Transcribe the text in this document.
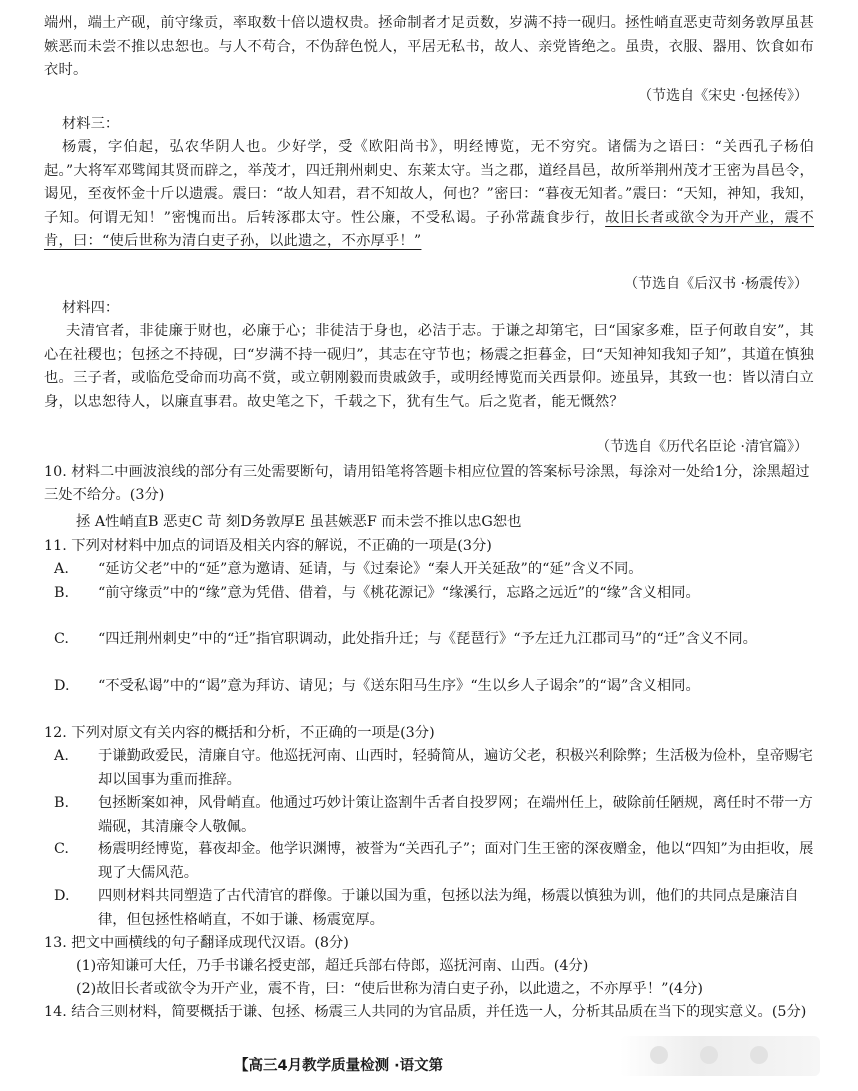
端州，端土产砚，前守缘贡，率取数十倍以遗权贵。拯命制者才足贡数，岁满不持一砚归。拯性峭直恶吏苛刻务敦厚虽甚嫉恶而未尝不推以忠恕也。与人不苟合，不伪辞色悦人，平居无私书，故人、亲党皆绝之。虽贵，衣服、器用、饮食如布衣时。
（节选自《宋史 ·包拯传》）
材料三：
杨震，字伯起，弘农华阴人也。少好学，受《欧阳尚书》，明经博览，无不穷究。诸儒为之语曰：“关西孔子杨伯起。”大将军邓骘闻其贤而辟之，举茂才，四迁荆州刺史、东莱太守。当之郡，道经昌邑，故所举荆州茂才王密为昌邑令，谒见，至夜怀金十斤以遗震。震曰：“故人知君，君不知故人，何也？”密曰：“暮夜无知者。”震曰：“天知，神知，我知，子知。何谓无知！”密愧而出。后转涿郡太守。性公廉，不受私谒。子孙常蔬食步行，故旧长者或欲令为开产业，震不肯，曰：“使后世称为清白吏子孙，以此遗之，不亦厚乎！”
（节选自《后汉书 ·杨震传》）
材料四：
夫清官者，非徒廉于财也，必廉于心；非徒洁于身也，必洁于志。于谦之却第宅，曰“国家多难，臣子何敢自安”，其心在社稷也；包拯之不持砚，曰“岁满不持一砚归”，其志在守节也；杨震之拒暮金，曰“天知神知我知子知”，其道在慎独也。三子者，或临危受命而功高不赏，或立朝刚毅而贵戚敛手，或明经博览而关西景仰。迹虽异，其致一也：皆以清白立身，以忠恕待人，以廉直事君。故史笔之下，千载之下，犹有生气。后之览者，能无慨然？
（节选自《历代名臣论 ·清官篇》）
10. 材料二中画波浪线的部分有三处需要断句，请用铅笔将答题卡相应位置的答案标号涂黑，每涂对一处给1分，涂黑超过三处不给分。(3分)
拯 A性峭直B 恶吏C 苛 刻D务敦厚E 虽甚嫉恶F 而未尝不推以忠G恕也
11. 下列对材料中加点的词语及相关内容的解说，不正确的一项是(3分)
A. “延访父老”中的“延”意为邀请、延请，与《过秦论》“秦人开关延敌”的“延”含义不同。
B. “前守缘贡”中的“缘”意为凭借、借着，与《桃花源记》“缘溪行，忘路之远近”的“缘”含义相同。
C. “四迁荆州刺史”中的“迁”指官职调动，此处指升迁；与《琵琶行》“予左迁九江郡司马”的“迁”含义不同。
D. “不受私谒”中的“谒”意为拜访、请见；与《送东阳马生序》“生以乡人子谒余”的“谒”含义相同。
12. 下列对原文有关内容的概括和分析，不正确的一项是(3分)
A. 于谦勤政爱民，清廉自守。他巡抚河南、山西时，轻骑简从，遍访父老，积极兴利除弊；生活极为俭朴，皇帝赐宅却以国事为重而推辞。
B. 包拯断案如神，风骨峭直。他通过巧妙计策让盗割牛舌者自投罗网；在端州任上，破除前任陋规，离任时不带一方端砚，其清廉令人敬佩。
C. 杨震明经博览，暮夜却金。他学识渊博，被誉为“关西孔子”；面对门生王密的深夜赠金，他以“四知”为由拒收，展现了大儒风范。
D. 四则材料共同塑造了古代清官的群像。于谦以国为重，包拯以法为绳，杨震以慎独为训，他们的共同点是廉洁自律，但包拯性格峭直，不如于谦、杨震宽厚。
13. 把文中画横线的句子翻译成现代汉语。(8分)
(1)帝知谦可大任，乃手书谦名授吏部，超迁兵部右侍郎，巡抚河南、山西。(4分)
(2)故旧长者或欲令为开产业，震不肯，曰：“使后世称为清白吏子孙，以此遗之，不亦厚乎！”(4分)
14. 结合三则材料，简要概括于谦、包拯、杨震三人共同的为官品质，并任选一人，分析其品质在当下的现实意义。(5分)
【高三4月教学质量检测 ·语文第
